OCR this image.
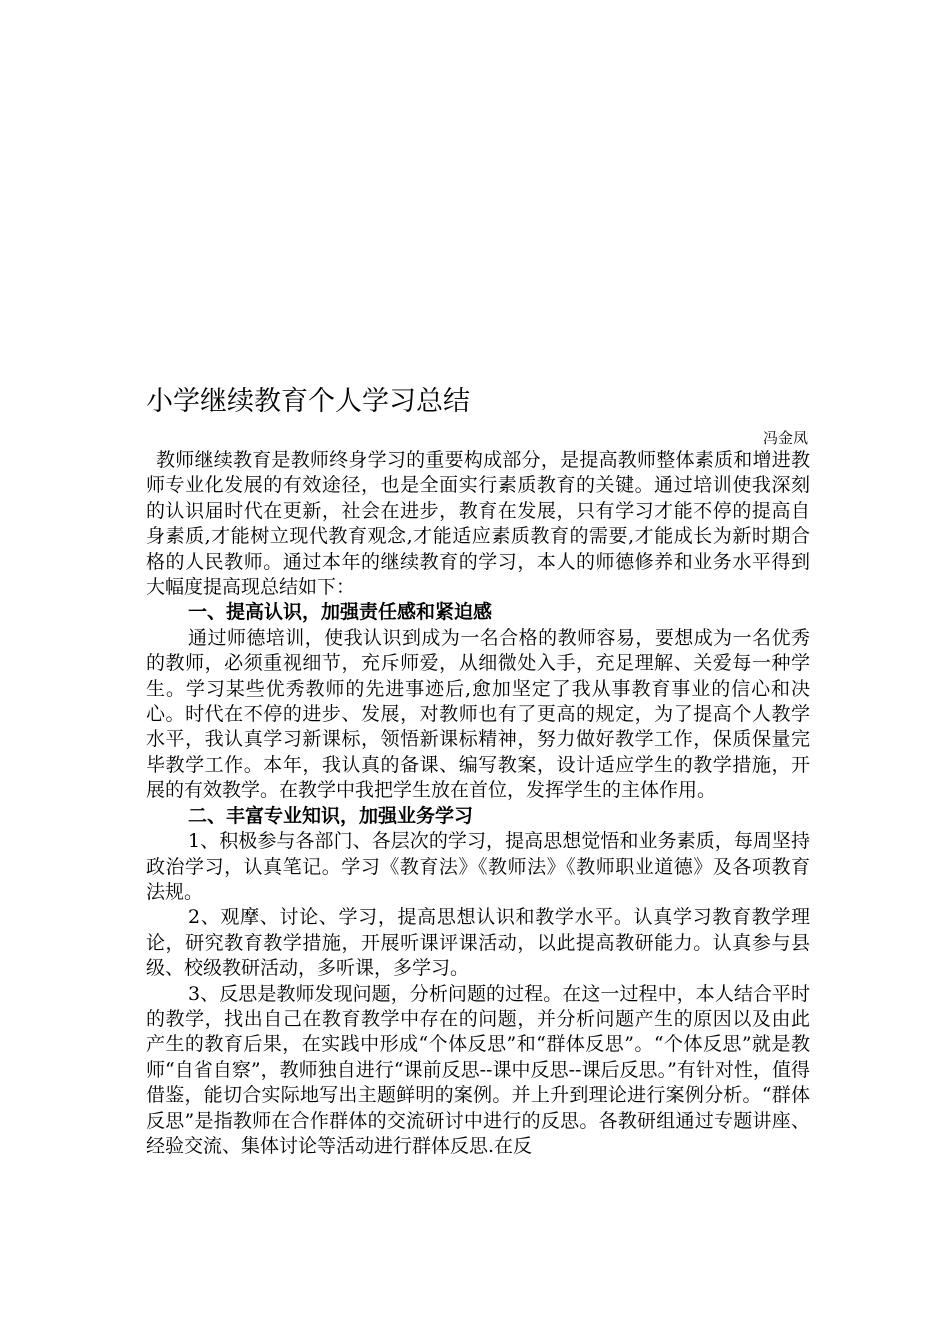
小学继续教育个人学习总结
冯金凤

教师继续教育是教师终身学习的重要构成部分，是提高教师整体素质和增进教师专业化发展的有效途径，也是全面实行素质教育的关键。通过培训使我深刻的认识届时代在更新，社会在进步，教育在发展，只有学习才能不停的提高自身素质,才能树立现代教育观念,才能适应素质教育的需要,才能成长为新时期合格的人民教师。通过本年的继续教育的学习，本人的师德修养和业务水平得到大幅度提高现总结如下：

一、提高认识，加强责任感和紧迫感

通过师德培训，使我认识到成为一名合格的教师容易，要想成为一名优秀的教师，必须重视细节，充斥师爱，从细微处入手，充足理解、关爱每一种学生。学习某些优秀教师的先进事迹后,愈加坚定了我从事教育事业的信心和决心。时代在不停的进步、发展，对教师也有了更高的规定，为了提高个人教学水平，我认真学习新课标，领悟新课标精神，努力做好教学工作，保质保量完毕教学工作。本年，我认真的备课、编写教案，设计适应学生的教学措施，开展的有效教学。在教学中我把学生放在首位，发挥学生的主体作用。

二、丰富专业知识，加强业务学习

1、积极参与各部门、各层次的学习，提高思想觉悟和业务素质，每周坚持政治学习，认真笔记。学习《教育法》《教师法》《教师职业道德》及各项教育法规。

2、观摩、讨论、学习，提高思想认识和教学水平。认真学习教育教学理论，研究教育教学措施，开展听课评课活动，以此提高教研能力。认真参与县级、校级教研活动，多听课，多学习。

3、反思是教师发现问题，分析问题的过程。在这一过程中，本人结合平时的教学，找出自己在教育教学中存在的问题，并分析问题产生的原因以及由此产生的教育后果，在实践中形成“个体反思”和“群体反思”。“个体反思”就是教师“自省自察”，教师独自进行“课前反思--课中反思--课后反思。”有针对性，值得借鉴，能切合实际地写出主题鲜明的案例。并上升到理论进行案例分析。“群体反思”是指教师在合作群体的交流研讨中进行的反思。各教研组通过专题讲座、经验交流、集体讨论等活动进行群体反思.在反
